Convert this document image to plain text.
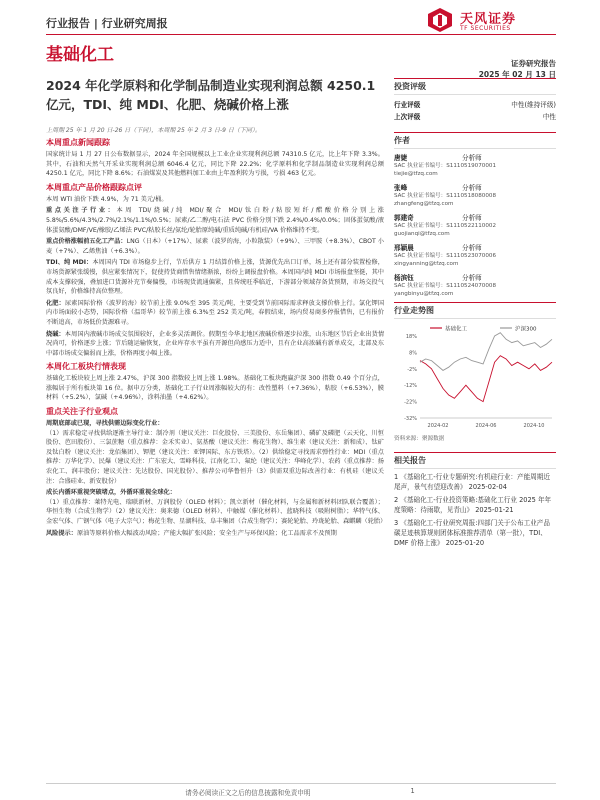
行业报告 | 行业研究周报	天风证券
TF SECURITIES
基础化工	证券研究报告
2025 年 02 月 13 日
2024 年化学原料和化学制品制造业实现利润总额 4250.1 亿元，TDI、纯 MDI、化肥、烧碱价格上涨
上周期 25 年 1 月 20 日-26 日（下同），本周期 25 年 2 月 3 日-9 日（下同）。
本周重点新闻跟踪
国家统计局 1 月 27 日公布数据显示，2024 年全国规模以上工业企业实现利润总额 74310.5 亿元，比上年下降 3.3%。其中，石油和天然气开采业实现利润总额 6046.4 亿元，同比下降 22.2%；化学原料和化学制品制造业实现利润总额 4250.1 亿元，同比下降 8.6%；石油煤炭及其他燃料加工业由上年盈利转为亏损，亏损 463 亿元。
本周重点产品价格跟踪点评
本周 WTI 油价下跌 4.9%，为 71 美元/桶。
重点关注子行业：本周 TDI/烧碱/纯 MDI/聚合 MDI/钛白粉/粘胶短纤/醋酸价格分别上涨 5.8%/5.6%/4.3%/2.7%/2.1%/1.1%/0.5%；尿素/乙二醇/电石法 PVC 价格分别下跌 2.4%/0.4%/0.0%；固体蛋氨酸/液体蛋氨酸/DMF/VE/橡胶/乙烯法 PVC/粘胶长丝/氨纶/轮胎原纯碱/重质纯碱/有机硅/VA 价格维持不变。
重点价格涨幅前五化工产品：LNG（日本）（+17%）、尿素（波罗的海，小粒散装）（+9%）、三甲胺（+8.3%）、CBOT 小麦（+7%）、乙烯焦油（+6.3%）。
TDI、纯 MDI：本周国内 TDI 市场稳步上行，节后供方 1 月结算价格上涨，货源优先出口订单，场上还有部分装置检修，市场货源紧张缓慢，供应紧张情况下，促使持货商惜售情绪渐浓，纷纷上调报盘价格。本周国内纯 MDI 市场报盘坚挺，其中成本支撑较强，叠加进口货源补充节奏偏慢，市场现货流通偏紧，且传统旺季临近，下游部分领域存备货预期，市场交投气氛良好，价格维持高位整理。
化肥：尿素国际价格（波罗的海）较节前上涨 9.0%至 395 美元/吨，主要受到节前国际需求释放支撑价格上行。氯化钾国内市场面较小态势，国际价格（温哥华）较节前上涨 6.3%至 252 美元/吨，春假结束，场内贸易商多停报惜售，已有报价不断追高，市场低价货源难寻。
烧碱：本周国内液碱市场成交氛围较好，企业多灵活调价。假期至今华北地区液碱价格逐步拉涨，山东地区节后企业出货情况尚可，价格逐步上涨；节后随运输恢复，企业库存水平虽有开源但尚感压力适中，且有企业高浓碱有新单成交，北部及东中部市场成交偏弱而上涨，价格再度小幅上涨。
本周化工板块行情表现
基础化工板块较上周上涨 2.47%，沪深 300 指数较上周上涨 1.98%。基础化工板块跑赢沪深 300 指数 0.49 个百分点，涨幅居于所有板块第 16 位。据申万分类，基础化工子行业周涨幅较大的有：改性塑料（+7.36%），粘胶（+6.53%），膜材料（+5.2%），氯碱（+4.96%），涂料油墨（+4.62%）。
重点关注子行业观点
周期底部或已现，寻找供需边际变化行业：
（1）需求稳定寻找供给逐渐主导行业：制冷剂（建议关注：巨化股份、三美股份、东岳集团）、磷矿及磷肥（云天化、川恒股份、芭田股份）、三氯蔗糖（重点推荐：金禾实业）、氨基酸（建议关注：梅花生物）、维生素（建议关注：新和成）、钛矿及钛白粉（建议关注：龙佰集团）、钾肥（建议关注：亚钾国际、东方铁塔）。（2）供给稳定寻找需求弹性行业：MDI（重点推荐：万华化学）、民爆（建议关注：广东宏大、雪峰科技、江南化工）、氟纶（建议关注：华峰化学）、农药（重点推荐：扬农化工、润丰股份；建议关注：先达股份、国光股份）、推荐公司华鲁恒升（3）供需双重边际改善行业：有机硅（建议关注：合盛硅业、新安股份）
成长内循环重视突破堵点，外循环重视全球化：
（1）重点推荐：莱特光电、瑞联新材、万润股份（OLED 材料）；凯立新材（催化材料，与金属和新材料团队联合覆盖）；华恒生物（合成生物学）（2）建议关注：奥来德（OLED 材料）、中触媒（催化材料）、蓝晓科技（吸附树脂）；华特气体、金宏气体、广钢气体（电子大宗气）；梅花生物、星湖科技、阜丰集团（合成生物学）；赛轮轮胎、玲珑轮胎、森麒麟（轮胎）
风险提示：原油等原料价格大幅波动风险；产能大幅扩张风险；安全生产与环保风险；化工品需求不及预期
投资评级
行业评级	中性(维持评级)
上次评级	中性
作者
唐婕	分析师
SAC 执业证书编号：S1110519070001
tiejie@tfzq.com
张峰	分析师
SAC 执业证书编号：S1110518080008
zhangfeng@tfzq.com
郭建奇	分析师
SAC 执业证书编号：S1110522110002
guojianqi@tfzq.com
邢颖晨	分析师
SAC 执业证书编号：S1110523070006
xingyanning@tfzq.com
杨滨钰	分析师
SAC 执业证书编号：S1110524070008
yangbinyu@tfzq.com
行业走势图
基础化工	沪深300
18%
8%
-2%
-12%
-22%
-32%
2024-02	2024-06	2024-10
资料来源：聚源数据
相关报告
1 《基础化工-行业专题研究:有机硅行业：产能周期近尾声，景气有望迎改善》 2025-02-04
2 《基础化工-行业投资策略:基础化工行业 2025 年年度策略：待雨歇，见青山》 2025-01-21
3 《基础化工-行业研究周报:四部门关于公布工业产品碳足迹核算规则团体标准推荐清单（第一批），TDI、DMF 价格上涨》 2025-01-20
请务必阅读正文之后的信息披露和免责申明	1
